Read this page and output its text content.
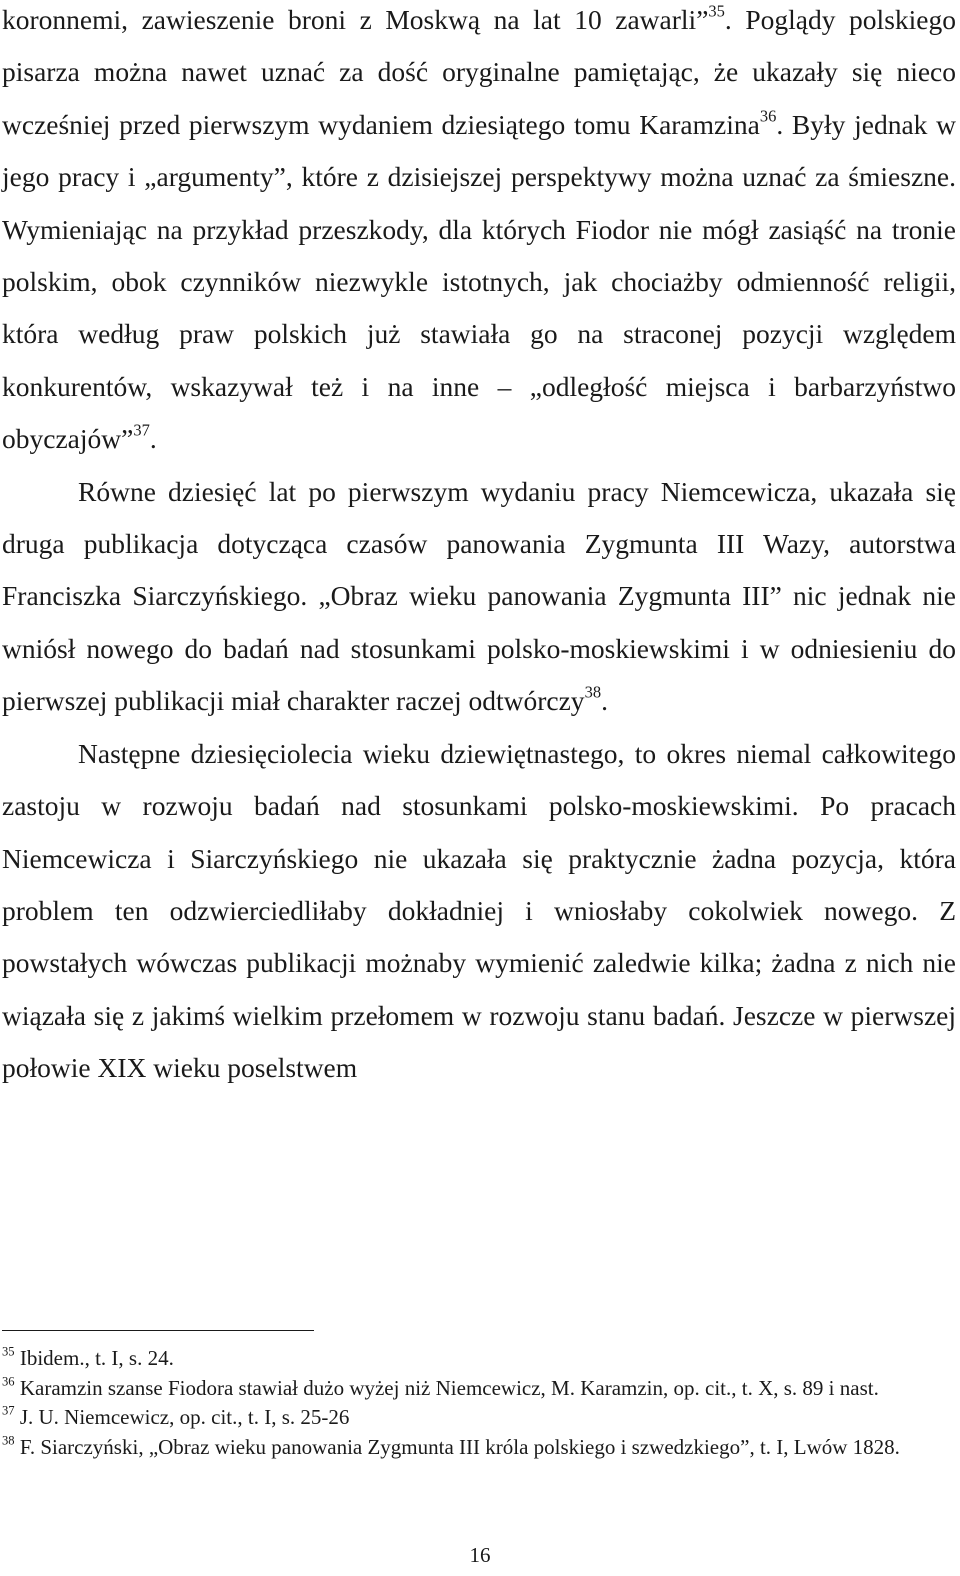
koronnemi, zawieszenie broni z Moskwą na lat 10 zawarli”$^{35}$. Poglądy polskiego pisarza można nawet uznać za dość oryginalne pamiętając, że ukazały się nieco wcześniej przed pierwszym wydaniem dziesiątego tomu Karamzina$^{36}$. Były jednak w jego pracy i „argumenty”, które z dzisiejszej perspektywy można uznać za śmieszne. Wymieniając na przykład przeszkody, dla których Fiodor nie mógł zasiąść na tronie polskim, obok czynników niezwykle istotnych, jak chociażby odmienność religii, która według praw polskich już stawiała go na straconej pozycji względem konkurentów, wskazywał też i na inne – „odległość miejsca i barbarzyństwo obyczajów”$^{37}$.

Równe dziesięć lat po pierwszym wydaniu pracy Niemcewicza, ukazała się druga publikacja dotycząca czasów panowania Zygmunta III Wazy, autorstwa Franciszka Siarczyńskiego. „Obraz wieku panowania Zygmunta III” nic jednak nie wniósł nowego do badań nad stosunkami polsko-moskiewskimi i w odniesieniu do pierwszej publikacji miał charakter raczej odtwórczy$^{38}$.

Następne dziesięciolecia wieku dziewiętnastego, to okres niemal całkowitego zastoju w rozwoju badań nad stosunkami polsko-moskiewskimi. Po pracach Niemcewicza i Siarczyńskiego nie ukazała się praktycznie żadna pozycja, która problem ten odzwierciedliłaby dokładniej i wniosłaby cokolwiek nowego. Z powstałych wówczas publikacji możnaby wymienić zaledwie kilka; żadna z nich nie wiązała się z jakimś wielkim przełomem w rozwoju stanu badań. Jeszcze w pierwszej połowie XIX wieku poselstwem

$^{35}$ Ibidem., t. I, s. 24.

$^{36}$ Karamzin szanse Fiodora stawiał dużo wyżej niż Niemcewicz, M. Karamzin, op. cit., t. X, s. 89 i nast.

$^{37}$ J. U. Niemcewicz, op. cit., t. I, s. 25-26

$^{38}$ F. Siarczyński, „Obraz wieku panowania Zygmunta III króla polskiego i szwedzkiego”, t. I, Lwów 1828.

16
